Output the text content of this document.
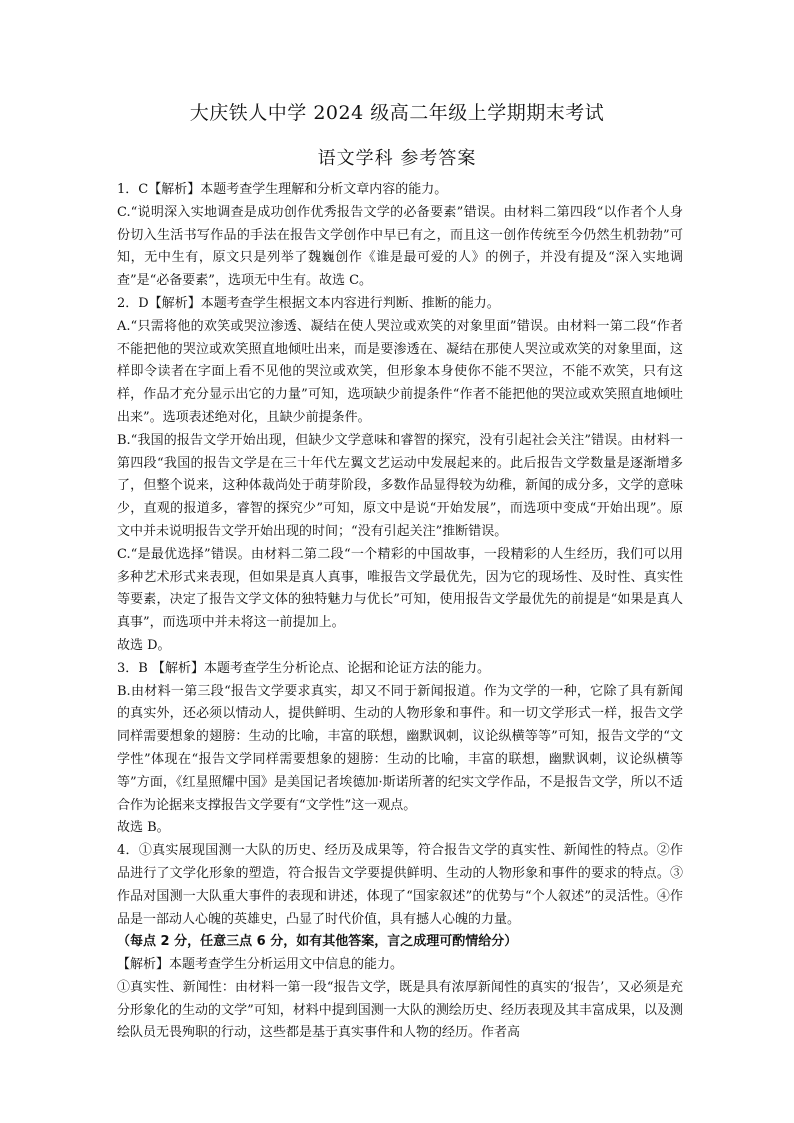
大庆铁人中学 2024 级高二年级上学期期末考试
语文学科 参考答案

1．C【解析】本题考查学生理解和分析文章内容的能力。

C.“说明深入实地调查是成功创作优秀报告文学的必备要素”错误。由材料二第四段“以作者个人身份切入生活书写作品的手法在报告文学创作中早已有之，而且这一创作传统至今仍然生机勃勃”可知，无中生有，原文只是列举了魏巍创作《谁是最可爱的人》的例子，并没有提及“深入实地调查”是“必备要素”，选项无中生有。故选 C。

2．D【解析】本题考查学生根据文本内容进行判断、推断的能力。

A.“只需将他的欢笑或哭泣渗透、凝结在使人哭泣或欢笑的对象里面”错误。由材料一第二段“作者不能把他的哭泣或欢笑照直地倾吐出来，而是要渗透在、凝结在那使人哭泣或欢笑的对象里面，这样即令读者在字面上看不见他的哭泣或欢笑，但形象本身使你不能不哭泣，不能不欢笑，只有这样，作品才充分显示出它的力量”可知，选项缺少前提条件“作者不能把他的哭泣或欢笑照直地倾吐出来”。选项表述绝对化，且缺少前提条件。

B.“我国的报告文学开始出现，但缺少文学意味和睿智的探究，没有引起社会关注”错误。由材料一第四段“我国的报告文学是在三十年代左翼文艺运动中发展起来的。此后报告文学数量是逐渐增多了，但整个说来，这种体裁尚处于萌芽阶段，多数作品显得较为幼稚，新闻的成分多，文学的意味少，直观的报道多，睿智的探究少”可知，原文中是说“开始发展”，而选项中变成“开始出现”。原文中并未说明报告文学开始出现的时间；“没有引起关注”推断错误。

C.“是最优选择”错误。由材料二第二段“一个精彩的中国故事，一段精彩的人生经历，我们可以用多种艺术形式来表现，但如果是真人真事，唯报告文学最优先，因为它的现场性、及时性、真实性等要素，决定了报告文学文体的独特魅力与优长”可知，使用报告文学最优先的前提是“如果是真人真事”，而选项中并未将这一前提加上。

故选 D。

3．B 【解析】本题考查学生分析论点、论据和论证方法的能力。

B.由材料一第三段“报告文学要求真实，却又不同于新闻报道。作为文学的一种，它除了具有新闻的真实外，还必须以情动人，提供鲜明、生动的人物形象和事件。和一切文学形式一样，报告文学同样需要想象的翅膀：生动的比喻，丰富的联想，幽默讽刺，议论纵横等等”可知，报告文学的“文学性”体现在“报告文学同样需要想象的翅膀：生动的比喻，丰富的联想，幽默讽刺，议论纵横等等”方面，《红星照耀中国》是美国记者埃德加·斯诺所著的纪实文学作品，不是报告文学，所以不适合作为论据来支撑报告文学要有“文学性”这一观点。

故选 B。

4．①真实展现国测一大队的历史、经历及成果等，符合报告文学的真实性、新闻性的特点。②作品进行了文学化形象的塑造，符合报告文学要提供鲜明、生动的人物形象和事件的要求的特点。③作品对国测一大队重大事件的表现和讲述，体现了“国家叙述”的优势与“个人叙述”的灵活性。④作品是一部动人心魄的英雄史，凸显了时代价值，具有撼人心魄的力量。

（每点 2 分，任意三点 6 分，如有其他答案，言之成理可酌情给分）

【解析】本题考查学生分析运用文中信息的能力。

①真实性、新闻性：由材料一第一段“报告文学，既是具有浓厚新闻性的真实的‘报告’，又必须是充分形象化的生动的文学”可知，材料中提到国测一大队的测绘历史、经历表现及其丰富成果，以及测绘队员无畏殉职的行动，这些都是基于真实事件和人物的经历。作者高
